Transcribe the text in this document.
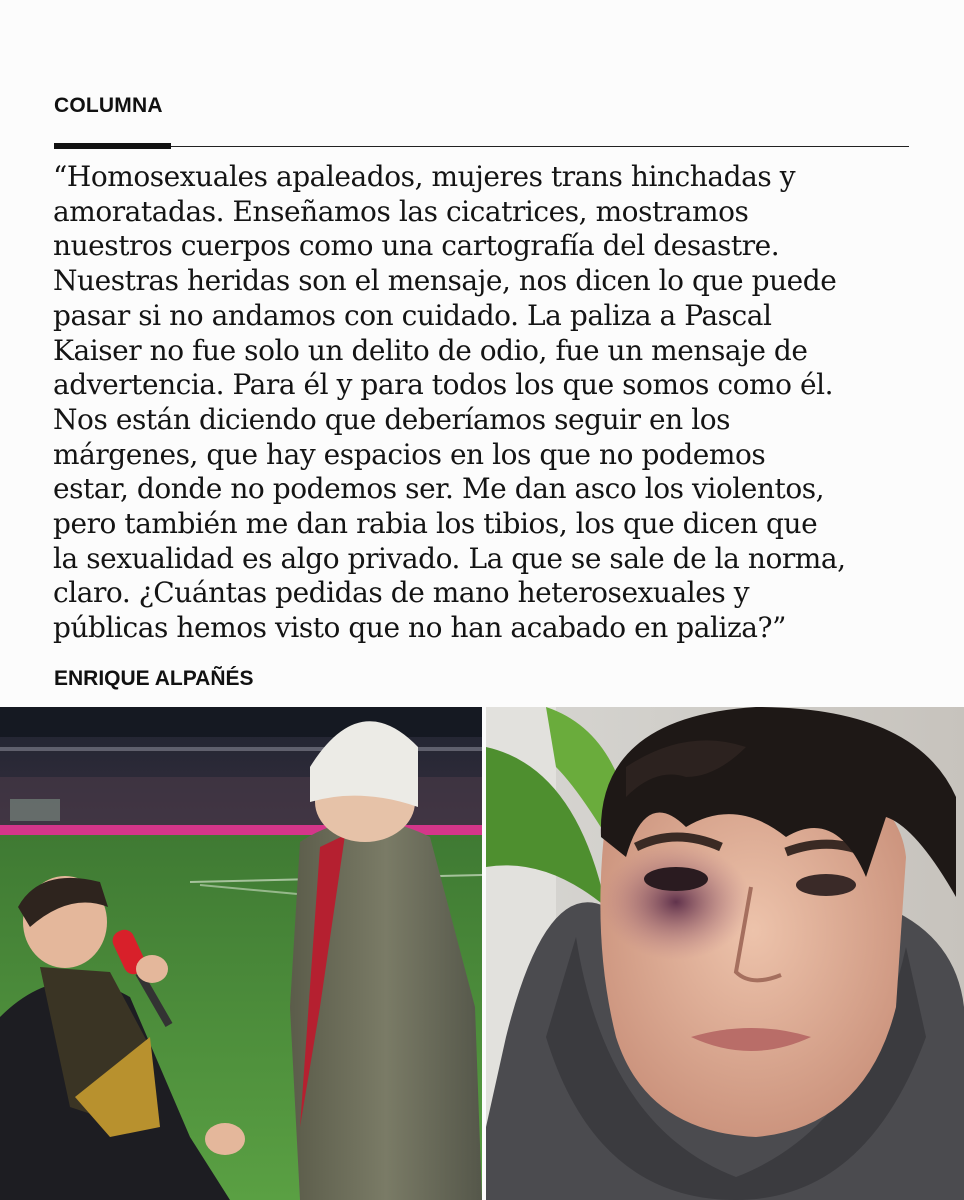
COLUMNA

“Homosexuales apaleados, mujeres trans hinchadas y
amoratadas. Enseñamos las cicatrices, mostramos
nuestros cuerpos como una cartografía del desastre.
Nuestras heridas son el mensaje, nos dicen lo que puede
pasar si no andamos con cuidado. La paliza a Pascal
Kaiser no fue solo un delito de odio, fue un mensaje de
advertencia. Para él y para todos los que somos como él.
Nos están diciendo que deberíamos seguir en los
márgenes, que hay espacios en los que no podemos
estar, donde no podemos ser. Me dan asco los violentos,
pero también me dan rabia los tibios, los que dicen que
la sexualidad es algo privado. La que se sale de la norma,
claro. ¿Cuántas pedidas de mano heterosexuales y
públicas hemos visto que no han acabado en paliza?”

ENRIQUE ALPAÑÉS
